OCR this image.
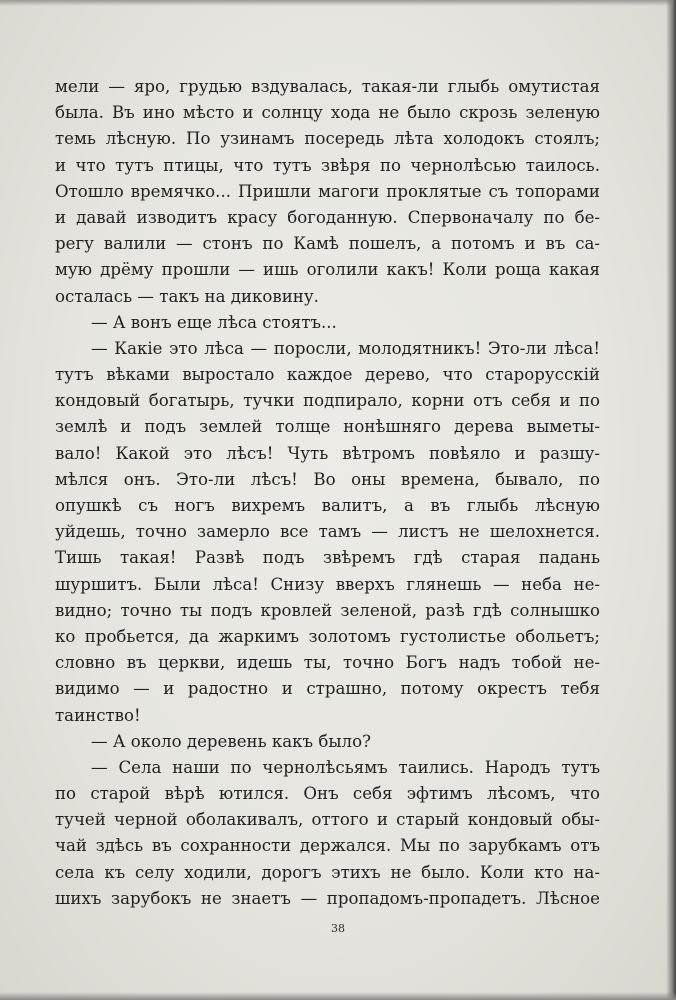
мели — яро, грудью вздувалась, такая-ли глыбь омутистая
была. Въ ино мѣсто и солнцу хода не было скрозь зеленую
темь лѣсную. По узинамъ посередь лѣта холодокъ стоялъ;
и что тутъ птицы, что тутъ звѣря по чернолѣсью таилось.
Отошло времячко... Пришли магоги проклятые съ топорами
и давай изводитъ красу богоданную. Спервоначалу по бе-
регу валили — стонъ по Камѣ пошелъ, а потомъ и въ са-
мую дрёму прошли — ишь оголили какъ! Коли роща какая
осталась — такъ на диковину.
— А вонъ еще лѣса стоятъ...
— Какіе это лѣса — поросли, молодятникъ! Это-ли лѣса!
тутъ вѣками выростало каждое дерево, что старорусскій
кондовый богатырь, тучки подпирало, корни отъ себя и по
землѣ и подъ землей толще нонѣшняго дерева выметы-
вало! Какой это лѣсъ! Чуть вѣтромъ повѣяло и разшу-
мѣлся онъ. Это-ли лѣсъ! Во оны времена, бывало, по
опушкѣ съ ногъ вихремъ валитъ, а въ глыбь лѣсную
уйдешь, точно замерло все тамъ — листъ не шелохнется.
Тишь такая! Развѣ подъ звѣремъ гдѣ старая падань
шуршитъ. Были лѣса! Снизу вверхъ глянешь — неба не-
видно; точно ты подъ кровлей зеленой, разѣ гдѣ солнышко
ко пробьется, да жаркимъ золотомъ густолистье обольетъ;
словно въ церкви, идешь ты, точно Богъ надъ тобой не-
видимо — и радостно и страшно, потому окрестъ тебя
таинство!
— А около деревень какъ было?
— Села наши по чернолѣсьямъ таились. Народъ тутъ
по старой вѣрѣ ютился. Онъ себя эфтимъ лѣсомъ, что
тучей черной оболакивалъ, оттого и старый кондовый обы-
чай здѣсь въ сохранности держался. Мы по зарубкамъ отъ
села къ селу ходили, дорогъ этихъ не было. Коли кто на-
шихъ зарубокъ не знаетъ — пропадомъ-пропадетъ. Лѣсное
38
